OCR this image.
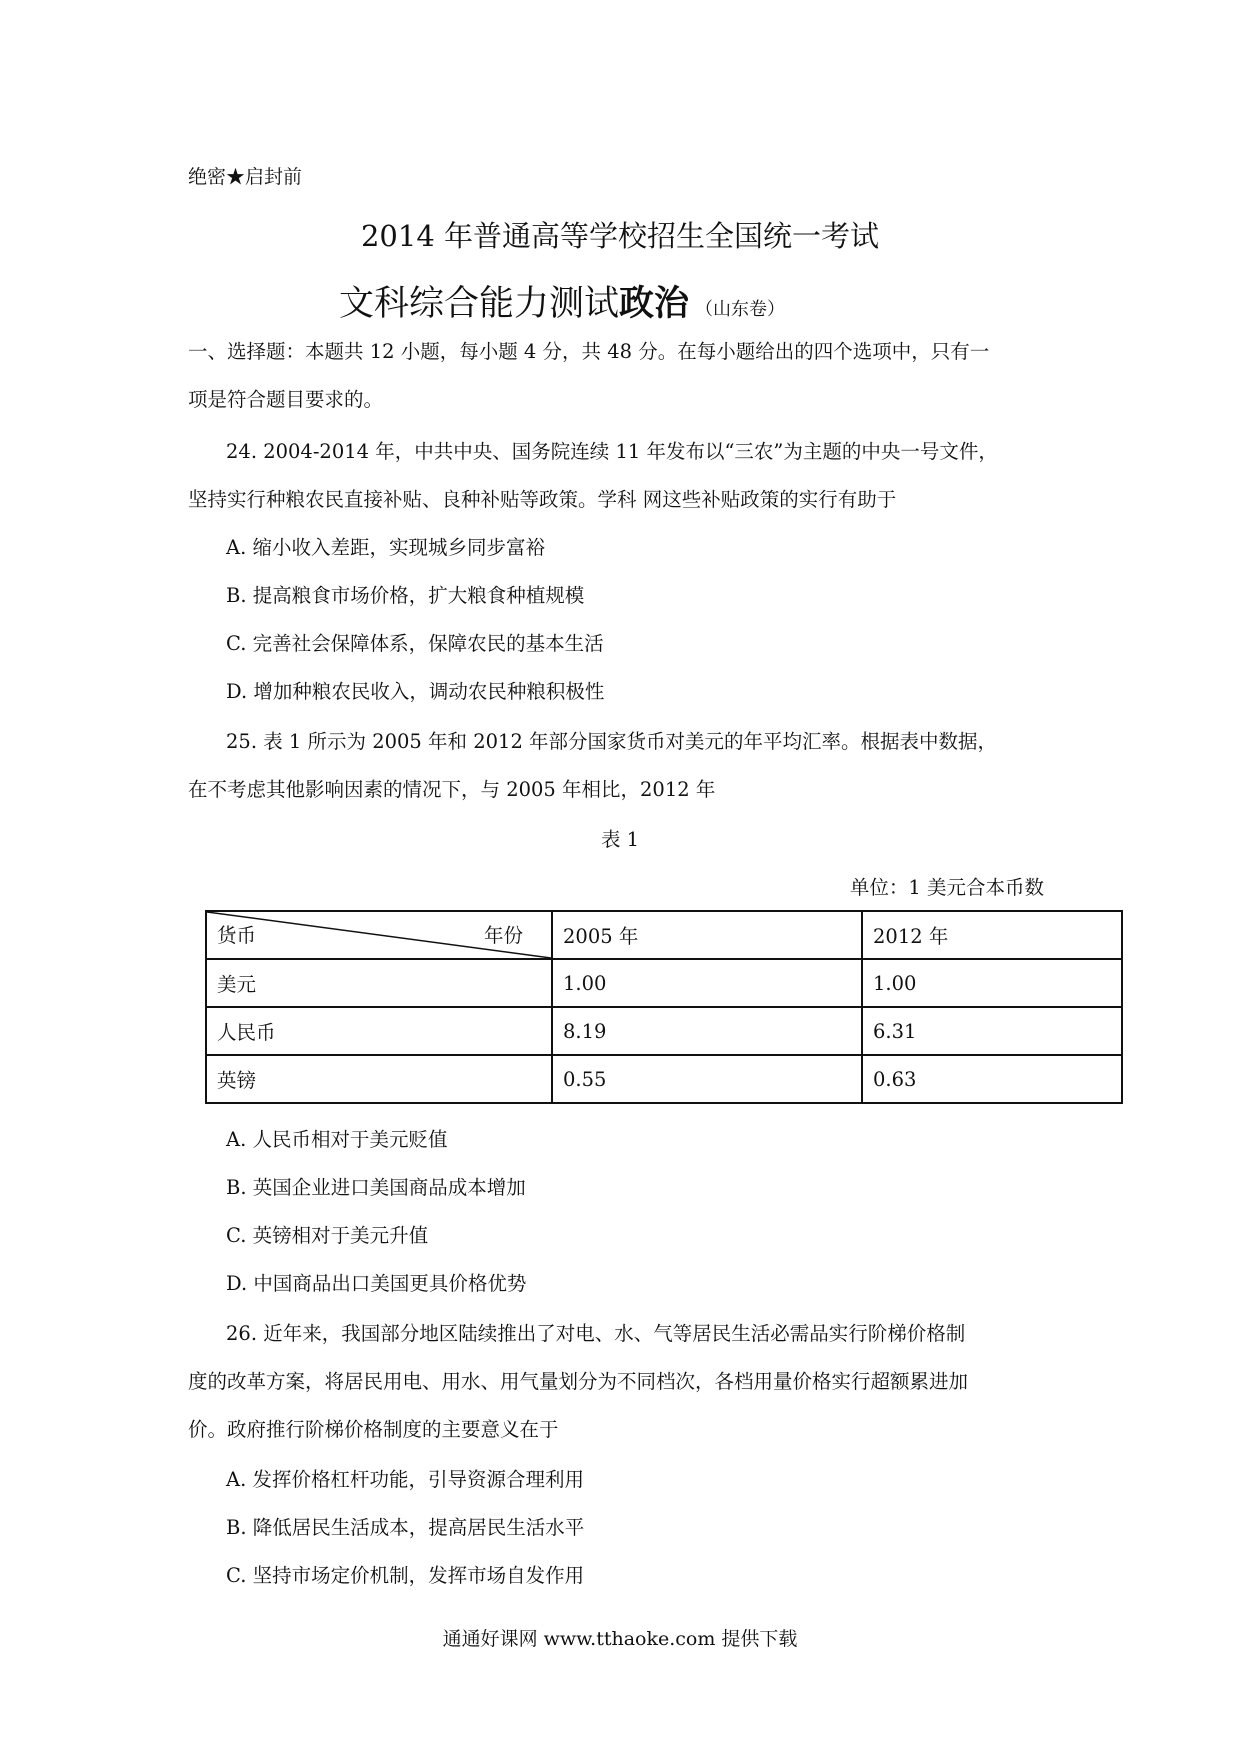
绝密★启封前
2014 年普通高等学校招生全国统一考试
文科综合能力测试政治 （山东卷）
一、选择题：本题共 12 小题，每小题 4 分，共 48 分。在每小题给出的四个选项中，只有一
项是符合题目要求的。
24. 2004-2014 年，中共中央、国务院连续 11 年发布以“三农”为主题的中央一号文件，
坚持实行种粮农民直接补贴、良种补贴等政策。学科 网这些补贴政策的实行有助于
A. 缩小收入差距，实现城乡同步富裕
B. 提高粮食市场价格，扩大粮食种植规模
C. 完善社会保障体系，保障农民的基本生活
D. 增加种粮农民收入，调动农民种粮积极性
25. 表 1 所示为 2005 年和 2012 年部分国家货币对美元的年平均汇率。根据表中数据，
在不考虑其他影响因素的情况下，与 2005 年相比，2012 年
表 1
单位：1 美元合本币数
货币 年份	2005 年	2012 年
美元	1.00	1.00
人民币	8.19	6.31
英镑	0.55	0.63
A. 人民币相对于美元贬值
B. 英国企业进口美国商品成本增加
C. 英镑相对于美元升值
D. 中国商品出口美国更具价格优势
26. 近年来，我国部分地区陆续推出了对电、水、气等居民生活必需品实行阶梯价格制
度的改革方案，将居民用电、用水、用气量划分为不同档次，各档用量价格实行超额累进加
价。政府推行阶梯价格制度的主要意义在于
A. 发挥价格杠杆功能，引导资源合理利用
B. 降低居民生活成本，提高居民生活水平
C. 坚持市场定价机制，发挥市场自发作用
通通好课网 www.tthaoke.com 提供下载
